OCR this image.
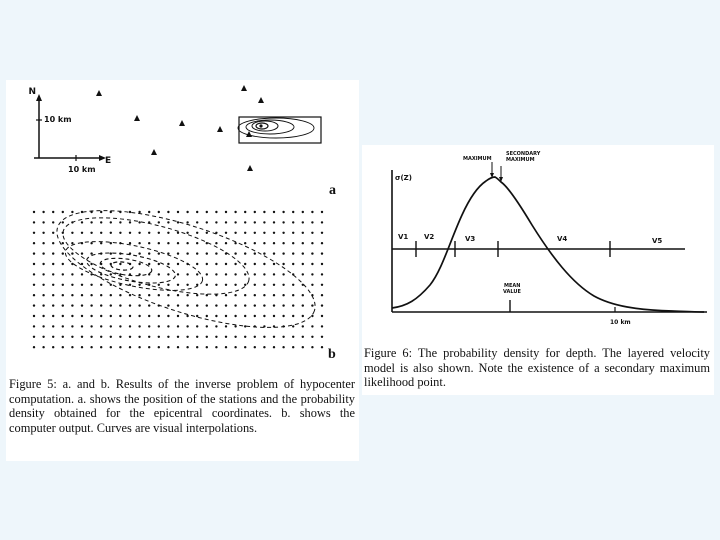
N
E
10 km
10 km
a
b

Figure 5: a. and b. Results of the inverse problem of hypocenter computation. a. shows the position of the stations and the probability density obtained for the epicentral coordinates. b. shows the computer output. Curves are visual interpolations.

σ(Z)
V1 V2	V3	V4	V5
10 km
MAXIMUM
SECONDARY
MAXIMUM
MEAN
VALUE

Figure 6: The probability density for depth. The layered velocity model is also shown. Note the existence of a secondary maximum likelihood point.
